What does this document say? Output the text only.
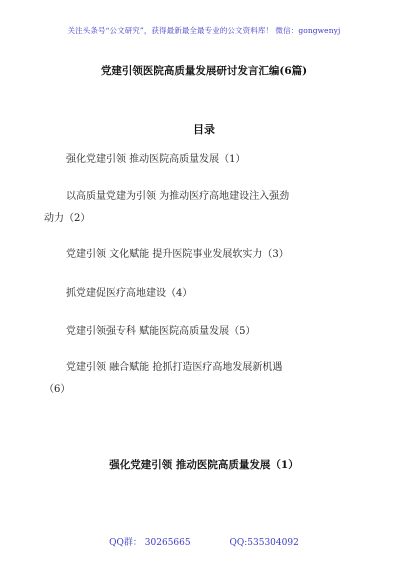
关注头条号“公文研究”，获得最新最全最专业的公文资料库！ 微信：gongwenyj
党建引领医院高质量发展研讨发言汇编(6篇)
目录
强化党建引领 推动医院高质量发展（1）
以高质量党建为引领 为推动医疗高地建设注入强劲
动力（2）
党建引领 文化赋能 提升医院事业发展软实力（3）
抓党建促医疗高地建设（4）
党建引领强专科 赋能医院高质量发展（5）
党建引领 融合赋能 抢抓打造医疗高地发展新机遇
（6）
强化党建引领 推动医院高质量发展（1）
QQ群： 30265665	QQ:535304092
